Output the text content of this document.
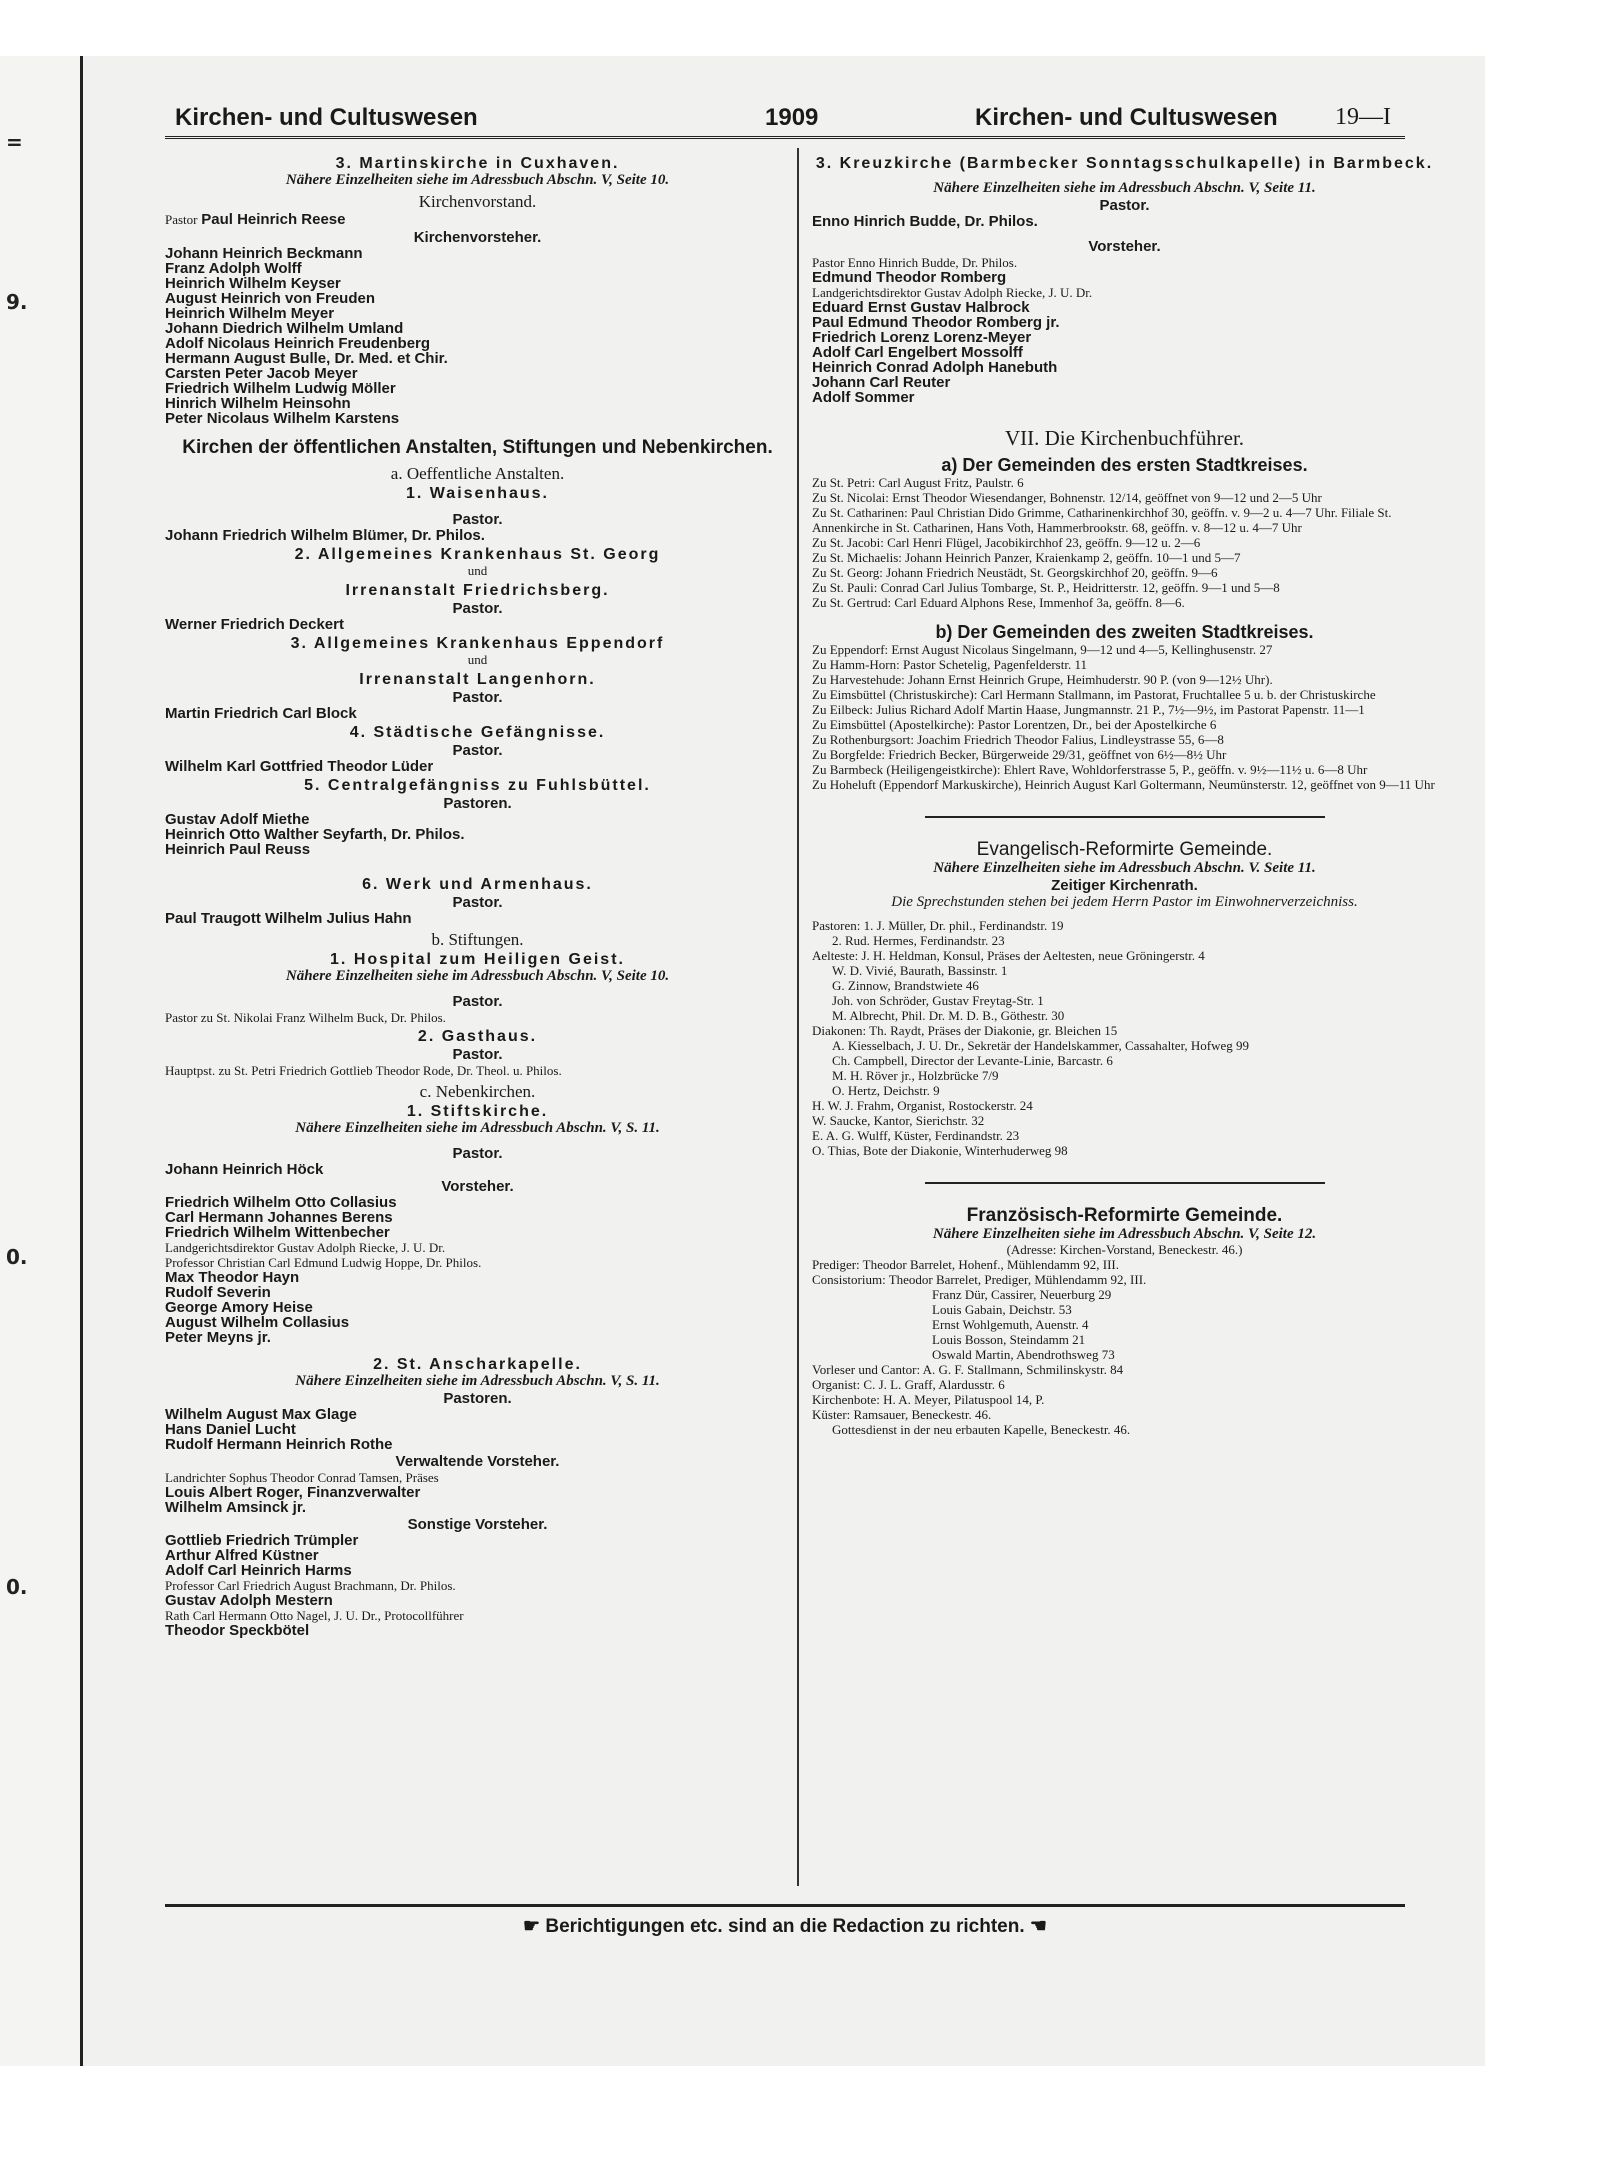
=
9.
0.
0.
Kirchen- und Cultuswesen	1909	Kirchen- und Cultuswesen 19—I
3. Martinskirche in Cuxhaven.
Nähere Einzelheiten siehe im Adressbuch Abschn. V, Seite 10.
Kirchenvorstand.
Pastor Paul Heinrich Reese
Kirchenvorsteher.
Johann Heinrich Beckmann
Franz Adolph Wolff
Heinrich Wilhelm Keyser
August Heinrich von Freuden
Heinrich Wilhelm Meyer
Johann Diedrich Wilhelm Umland
Adolf Nicolaus Heinrich Freudenberg
Hermann August Bulle, Dr. Med. et Chir.
Carsten Peter Jacob Meyer
Friedrich Wilhelm Ludwig Möller
Hinrich Wilhelm Heinsohn
Peter Nicolaus Wilhelm Karstens
Kirchen der öffentlichen Anstalten, Stiftungen und Nebenkirchen.
a. Oeffentliche Anstalten.
1. Waisenhaus.
Pastor.
Johann Friedrich Wilhelm Blümer, Dr. Philos.
2. Allgemeines Krankenhaus St. Georg
und
Irrenanstalt Friedrichsberg.
Pastor.
Werner Friedrich Deckert
3. Allgemeines Krankenhaus Eppendorf
und
Irrenanstalt Langenhorn.
Pastor.
Martin Friedrich Carl Block
4. Städtische Gefängnisse.
Pastor.
Wilhelm Karl Gottfried Theodor Lüder
5. Centralgefängniss zu Fuhlsbüttel.
Pastoren.
Gustav Adolf Miethe
Heinrich Otto Walther Seyfarth, Dr. Philos.
Heinrich Paul Reuss
6. Werk und Armenhaus.
Pastor.
Paul Traugott Wilhelm Julius Hahn
b. Stiftungen.
1. Hospital zum Heiligen Geist.
Nähere Einzelheiten siehe im Adressbuch Abschn. V, Seite 10.
Pastor.
Pastor zu St. Nikolai Franz Wilhelm Buck, Dr. Philos.
2. Gasthaus.
Pastor.
Hauptpst. zu St. Petri Friedrich Gottlieb Theodor Rode, Dr. Theol. u. Philos.
c. Nebenkirchen.
1. Stiftskirche.
Nähere Einzelheiten siehe im Adressbuch Abschn. V, S. 11.
Pastor.
Johann Heinrich Höck
Vorsteher.
Friedrich Wilhelm Otto Collasius
Carl Hermann Johannes Berens
Friedrich Wilhelm Wittenbecher
Landgerichtsdirektor Gustav Adolph Riecke, J. U. Dr.
Professor Christian Carl Edmund Ludwig Hoppe, Dr. Philos.
Max Theodor Hayn
Rudolf Severin
George Amory Heise
August Wilhelm Collasius
Peter Meyns jr.
2. St. Anscharkapelle.
Nähere Einzelheiten siehe im Adressbuch Abschn. V, S. 11.
Pastoren.
Wilhelm August Max Glage
Hans Daniel Lucht
Rudolf Hermann Heinrich Rothe
Verwaltende Vorsteher.
Landrichter Sophus Theodor Conrad Tamsen, Präses
Louis Albert Roger, Finanzverwalter
Wilhelm Amsinck jr.
Sonstige Vorsteher.
Gottlieb Friedrich Trümpler
Arthur Alfred Küstner
Adolf Carl Heinrich Harms
Professor Carl Friedrich August Brachmann, Dr. Philos.
Gustav Adolph Mestern
Rath Carl Hermann Otto Nagel, J. U. Dr., Protocollführer
Theodor Speckbötel
3. Kreuzkirche (Barmbecker Sonntagsschulkapelle) in Barmbeck.
Nähere Einzelheiten siehe im Adressbuch Abschn. V, Seite 11.
Pastor.
Enno Hinrich Budde, Dr. Philos.
Vorsteher.
Pastor Enno Hinrich Budde, Dr. Philos.
Edmund Theodor Romberg
Landgerichtsdirektor Gustav Adolph Riecke, J. U. Dr.
Eduard Ernst Gustav Halbrock
Paul Edmund Theodor Romberg jr.
Friedrich Lorenz Lorenz-Meyer
Adolf Carl Engelbert Mossolff
Heinrich Conrad Adolph Hanebuth
Johann Carl Reuter
Adolf Sommer
VII. Die Kirchenbuchführer.
a) Der Gemeinden des ersten Stadtkreises.
Zu St. Petri: Carl August Fritz, Paulstr. 6
Zu St. Nicolai: Ernst Theodor Wiesendanger, Bohnenstr. 12/14, geöffnet von 9—12 und 2—5 Uhr
Zu St. Catharinen: Paul Christian Dido Grimme, Catharinenkirchhof 30, geöffn. v. 9—2 u. 4—7 Uhr. Filiale St. Annenkirche in St. Catharinen, Hans Voth, Hammerbrookstr. 68, geöffn. v. 8—12 u. 4—7 Uhr
Zu St. Jacobi: Carl Henri Flügel, Jacobikirchhof 23, geöffn. 9—12 u. 2—6
Zu St. Michaelis: Johann Heinrich Panzer, Kraienkamp 2, geöffn. 10—1 und 5—7
Zu St. Georg: Johann Friedrich Neustädt, St. Georgskirchhof 20, geöffn. 9—6
Zu St. Pauli: Conrad Carl Julius Tombarge, St. P., Heidritterstr. 12, geöffn. 9—1 und 5—8
Zu St. Gertrud: Carl Eduard Alphons Rese, Immenhof 3a, geöffn. 8—6.
b) Der Gemeinden des zweiten Stadtkreises.
Zu Eppendorf: Ernst August Nicolaus Singelmann, 9—12 und 4—5, Kellinghusenstr. 27
Zu Hamm-Horn: Pastor Schetelig, Pagenfelderstr. 11
Zu Harvestehude: Johann Ernst Heinrich Grupe, Heimhuderstr. 90 P. (von 9—12½ Uhr).
Zu Eimsbüttel (Christuskirche): Carl Hermann Stallmann, im Pastorat, Fruchtallee 5 u. b. der Christuskirche
Zu Eilbeck: Julius Richard Adolf Martin Haase, Jungmannstr. 21 P., 7½—9½, im Pastorat Papenstr. 11—1
Zu Eimsbüttel (Apostelkirche): Pastor Lorentzen, Dr., bei der Apostelkirche 6
Zu Rothenburgsort: Joachim Friedrich Theodor Falius, Lindleystrasse 55, 6—8
Zu Borgfelde: Friedrich Becker, Bürgerweide 29/31, geöffnet von 6½—8½ Uhr
Zu Barmbeck (Heiligengeistkirche): Ehlert Rave, Wohldorferstrasse 5, P., geöffn. v. 9½—11½ u. 6—8 Uhr
Zu Hoheluft (Eppendorf Markuskirche), Heinrich August Karl Goltermann, Neumünsterstr. 12, geöffnet von 9—11 Uhr
Evangelisch-Reformirte Gemeinde.
Nähere Einzelheiten siehe im Adressbuch Abschn. V. Seite 11.
Zeitiger Kirchenrath.
Die Sprechstunden stehen bei jedem Herrn Pastor im Einwohnerverzeichniss.
Pastoren: 1. J. Müller, Dr. phil., Ferdinandstr. 19
2. Rud. Hermes, Ferdinandstr. 23
Aelteste: J. H. Heldman, Konsul, Präses der Aeltesten, neue Gröningerstr. 4
W. D. Vivié, Baurath, Bassinstr. 1
G. Zinnow, Brandstwiete 46
Joh. von Schröder, Gustav Freytag-Str. 1
M. Albrecht, Phil. Dr. M. D. B., Göthestr. 30
Diakonen: Th. Raydt, Präses der Diakonie, gr. Bleichen 15
A. Kiesselbach, J. U. Dr., Sekretär der Handelskammer, Cassahalter, Hofweg 99
Ch. Campbell, Director der Levante-Linie, Barcastr. 6
M. H. Röver jr., Holzbrücke 7/9
O. Hertz, Deichstr. 9
H. W. J. Frahm, Organist, Rostockerstr. 24
W. Saucke, Kantor, Sierichstr. 32
E. A. G. Wulff, Küster, Ferdinandstr. 23
O. Thias, Bote der Diakonie, Winterhuderweg 98
Französisch-Reformirte Gemeinde.
Nähere Einzelheiten siehe im Adressbuch Abschn. V, Seite 12.
(Adresse: Kirchen-Vorstand, Beneckestr. 46.)
Prediger: Theodor Barrelet, Hohenf., Mühlendamm 92, III.
Consistorium: Theodor Barrelet, Prediger, Mühlendamm 92, III.
Franz Dür, Cassirer, Neuerburg 29
Louis Gabain, Deichstr. 53
Ernst Wohlgemuth, Auenstr. 4
Louis Bosson, Steindamm 21
Oswald Martin, Abendrothsweg 73
Vorleser und Cantor: A. G. F. Stallmann, Schmilinskystr. 84
Organist: C. J. L. Graff, Alardusstr. 6
Kirchenbote: H. A. Meyer, Pilatuspool 14, P.
Küster: Ramsauer, Beneckestr. 46.
Gottesdienst in der neu erbauten Kapelle, Beneckestr. 46.
☛ Berichtigungen etc. sind an die Redaction zu richten. ☚
